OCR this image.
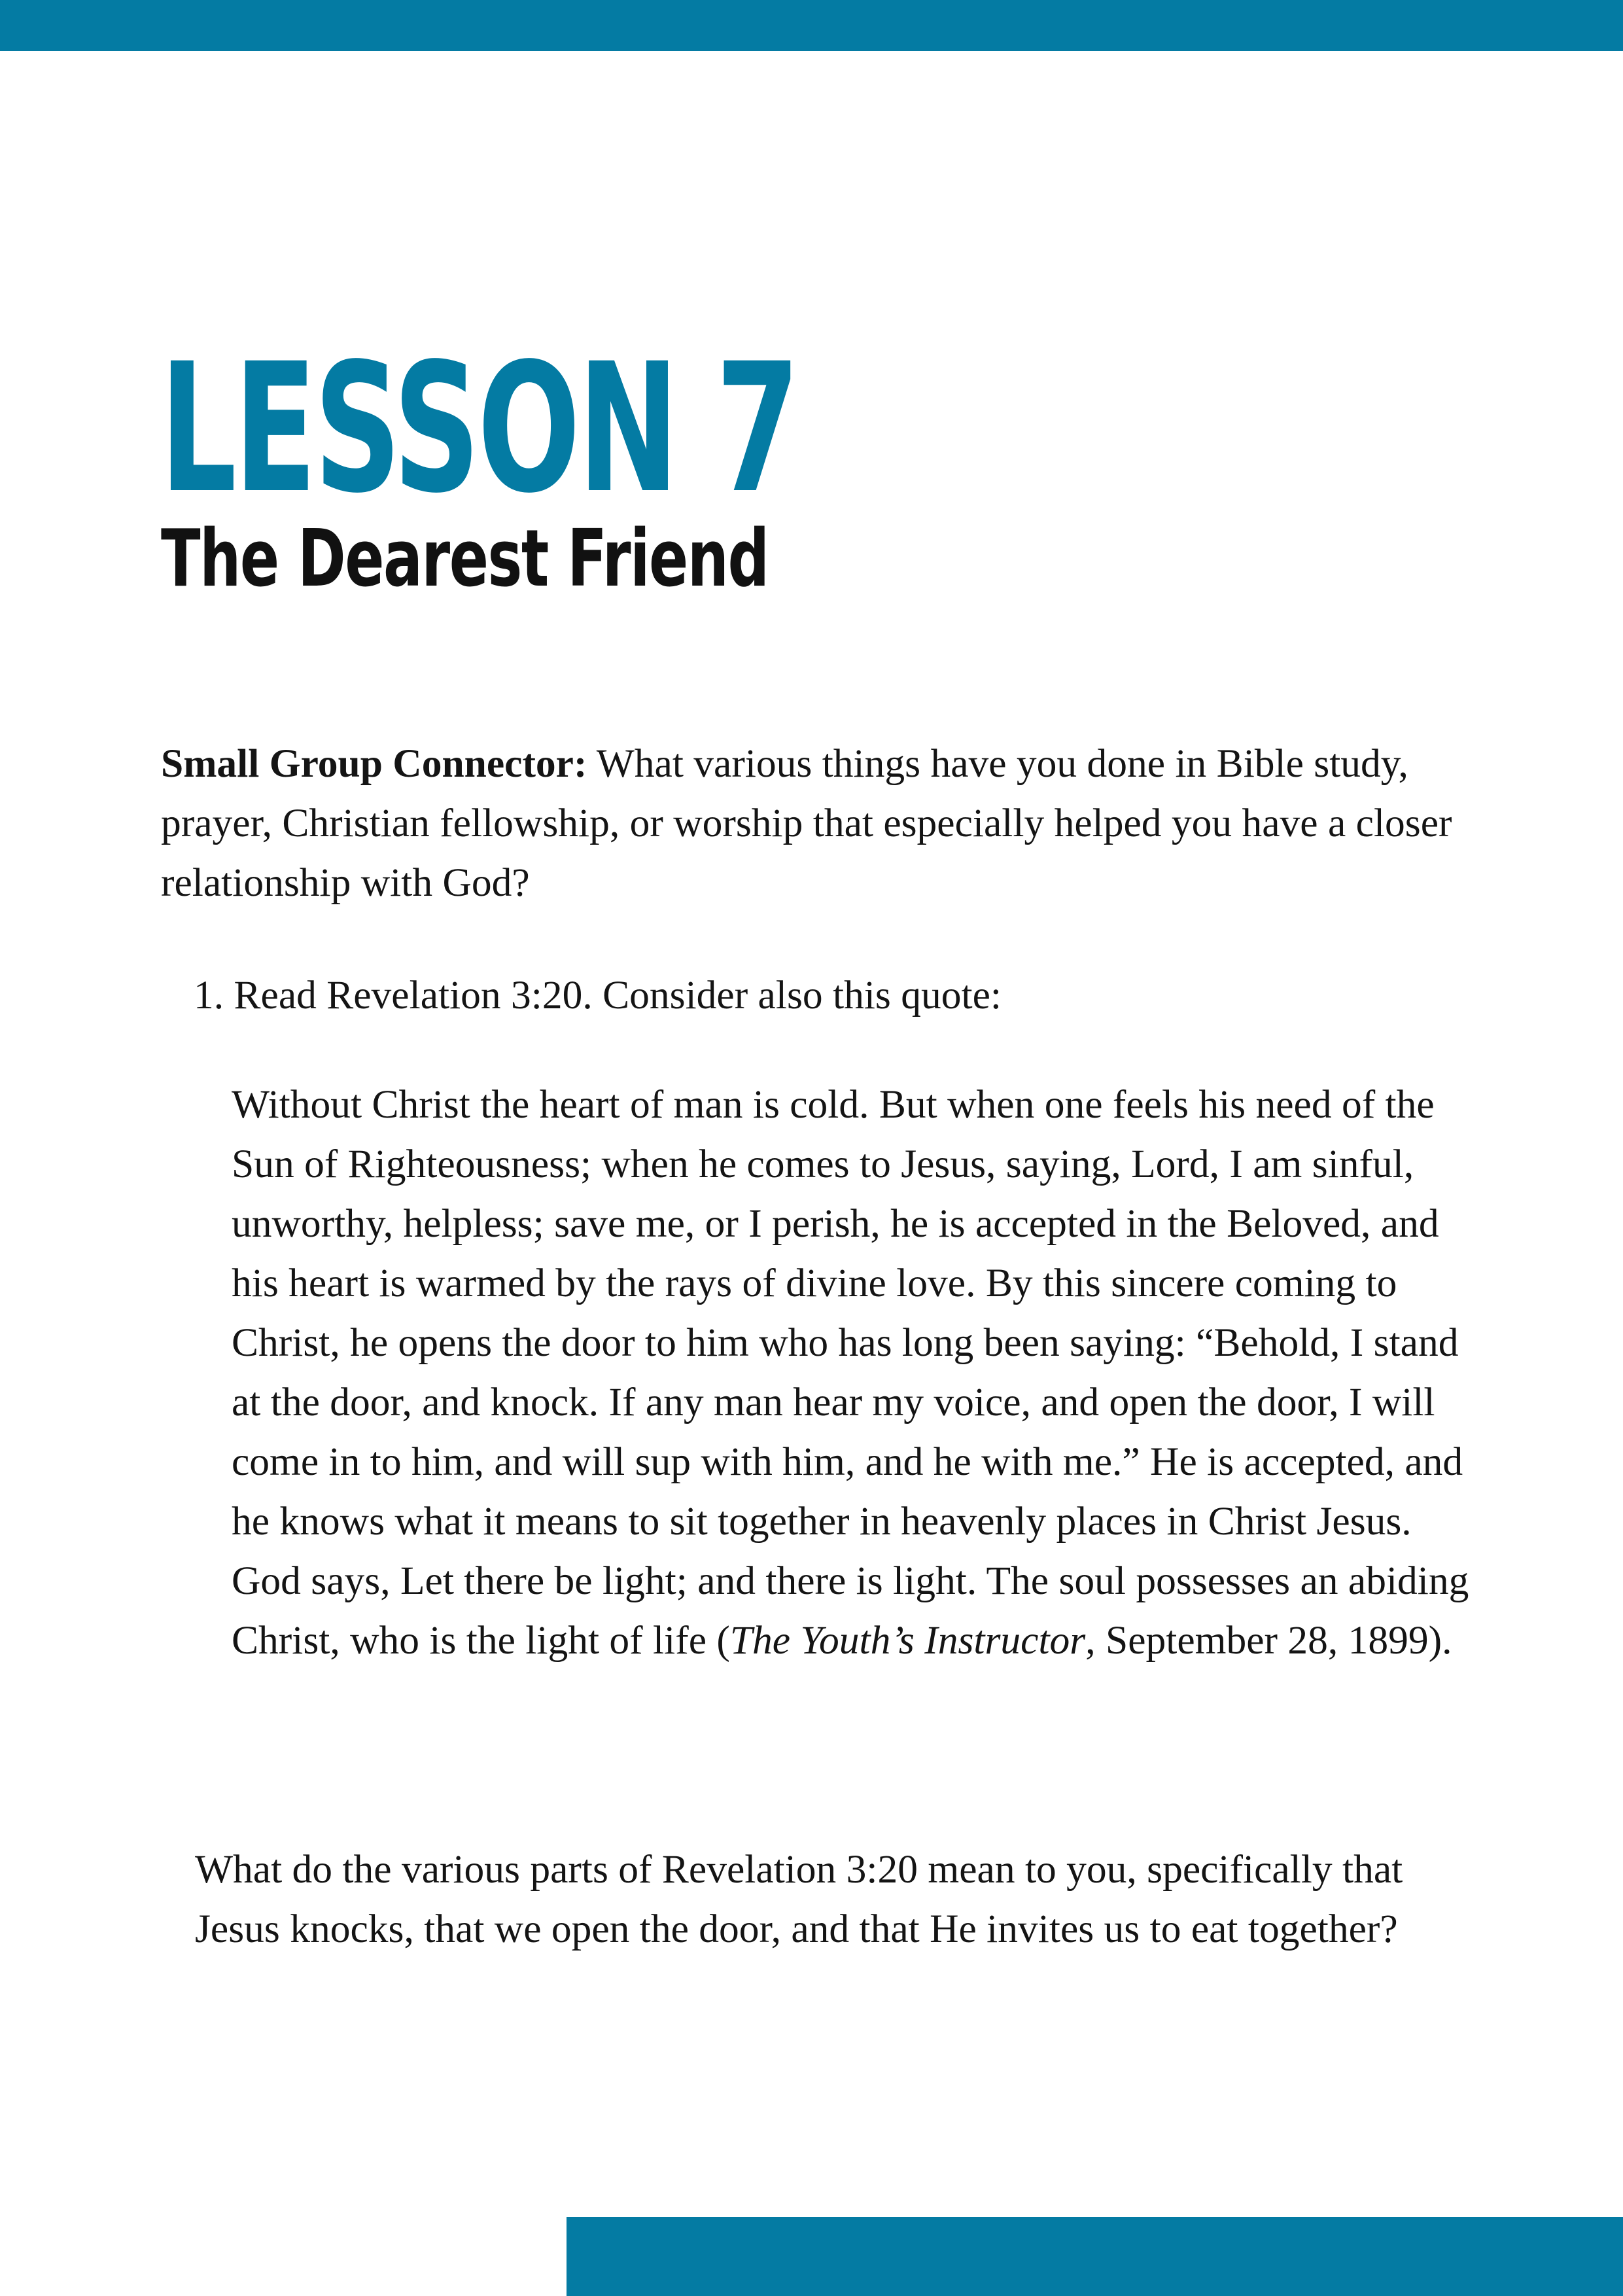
LESSON 7
The Dearest Friend

Small Group Connector: What various things have you done in Bible study, prayer, Christian fellowship, or worship that especially helped you have a closer relationship with God?

1. Read Revelation 3:20. Consider also this quote:

Without Christ the heart of man is cold. But when one feels his need of the Sun of Righteousness; when he comes to Jesus, saying, Lord, I am sinful, unworthy, helpless; save me, or I perish, he is accepted in the Beloved, and his heart is warmed by the rays of divine love. By this sincere coming to Christ, he opens the door to him who has long been saying: “Behold, I stand at the door, and knock. If any man hear my voice, and open the door, I will come in to him, and will sup with him, and he with me.” He is accepted, and he knows what it means to sit together in heavenly places in Christ Jesus. God says, Let there be light; and there is light. The soul possesses an abiding Christ, who is the light of life (The Youth’s Instructor, September 28, 1899).

What do the various parts of Revelation 3:20 mean to you, specifically that Jesus knocks, that we open the door, and that He invites us to eat together?
